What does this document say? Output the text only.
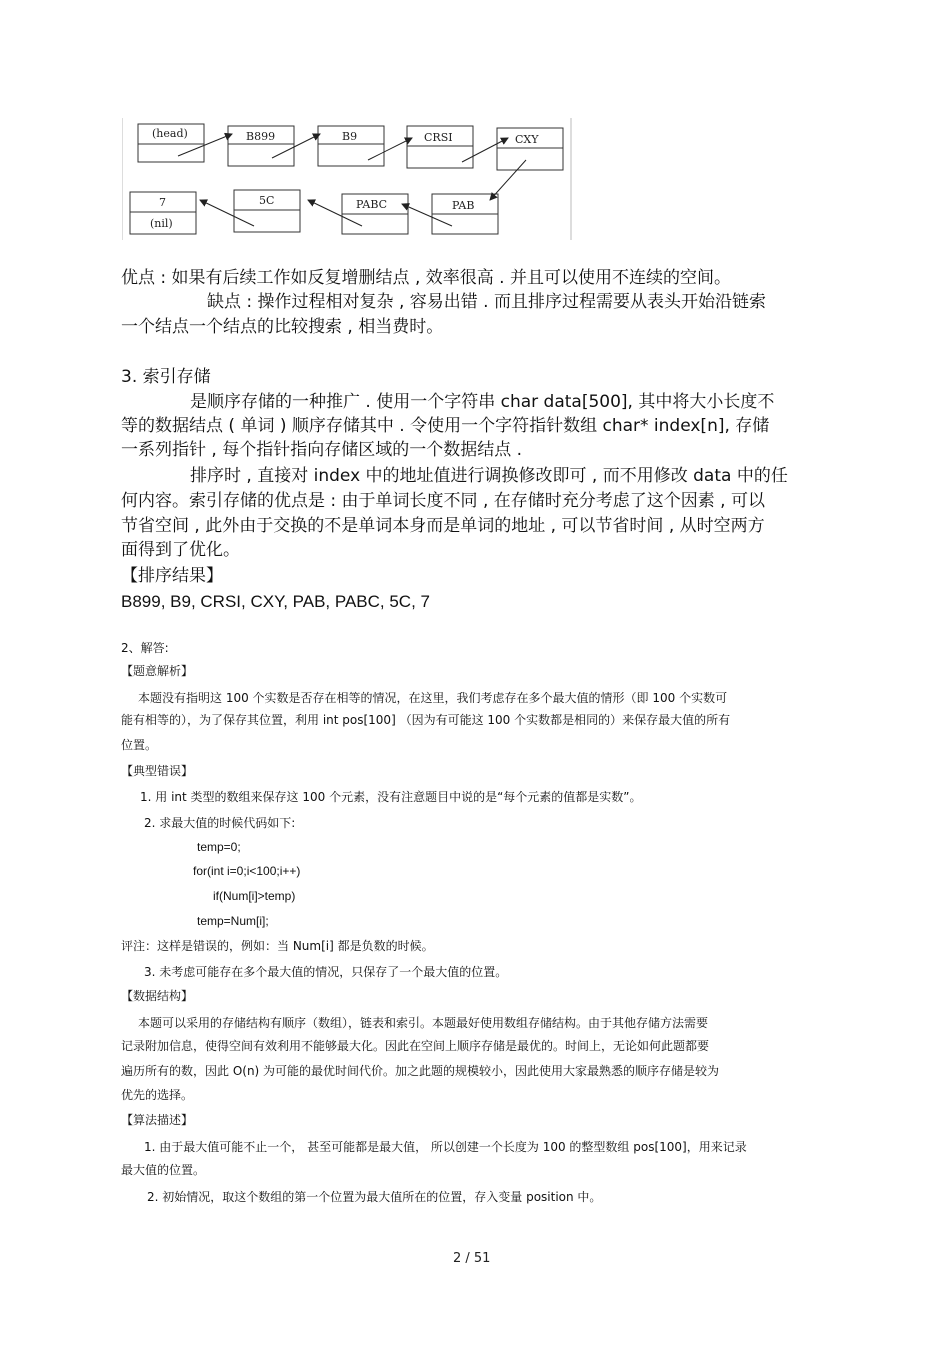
(head)	B899	B9	CRSI	CXY
7
(nil)
5C	PABC	PAB
优点 : 如果有后续工作如反复增删结点 , 效率很高 . 并且可以使用不连续的空间。
缺点 : 操作过程相对复杂 , 容易出错 . 而且排序过程需要从表头开始沿链索
一个结点一个结点的比较搜索 , 相当费时。
3. 索引存储
是顺序存储的一种推广 . 使用一个字符串 char data[500], 其中将大小长度不
等的数据结点 ( 单词 ) 顺序存储其中 . 令使用一个字符指针数组 char* index[n], 存储
一系列指针 , 每个指针指向存储区域的一个数据结点 .
排序时 , 直接对 index 中的地址值进行调换修改即可 , 而不用修改 data 中的任
何内容。索引存储的优点是 : 由于单词长度不同 , 在存储时充分考虑了这个因素 , 可以
节省空间 , 此外由于交换的不是单词本身而是单词的地址 , 可以节省时间 , 从时空两方
面得到了优化。
【排序结果】
B899, B9, CRSI, CXY, PAB, PABC, 5C, 7
2、解答:
【题意解析】
本题没有指明这 100 个实数是否存在相等的情况，在这里，我们考虑存在多个最大值的情形（即 100 个实数可
能有相等的），为了保存其位置，利用 int pos[100] （因为有可能这 100 个实数都是相同的）来保存最大值的所有
位置。
【典型错误】
1. 用 int 类型的数组来保存这 100 个元素，没有注意题目中说的是“每个元素的值都是实数”。
2. 求最大值的时候代码如下:
temp=0;
for(int i=0;i<100;i++)
if(Num[i]>temp)
temp=Num[i];
评注：这样是错误的，例如：当 Num[i] 都是负数的时候。
3. 未考虑可能存在多个最大值的情况，只保存了一个最大值的位置。
【数据结构】
本题可以采用的存储结构有顺序（数组），链表和索引。本题最好使用数组存储结构。由于其他存储方法需要
记录附加信息，使得空间有效利用不能够最大化。因此在空间上顺序存储是最优的。时间上，无论如何此题都要
遍历所有的数，因此 O(n) 为可能的最优时间代价。加之此题的规模较小，因此使用大家最熟悉的顺序存储是较为
优先的选择。
【算法描述】
1. 由于最大值可能不止一个， 甚至可能都是最大值， 所以创建一个长度为 100 的整型数组 pos[100]，用来记录
最大值的位置。
2. 初始情况，取这个数组的第一个位置为最大值所在的位置，存入变量 position 中。
2 / 51
